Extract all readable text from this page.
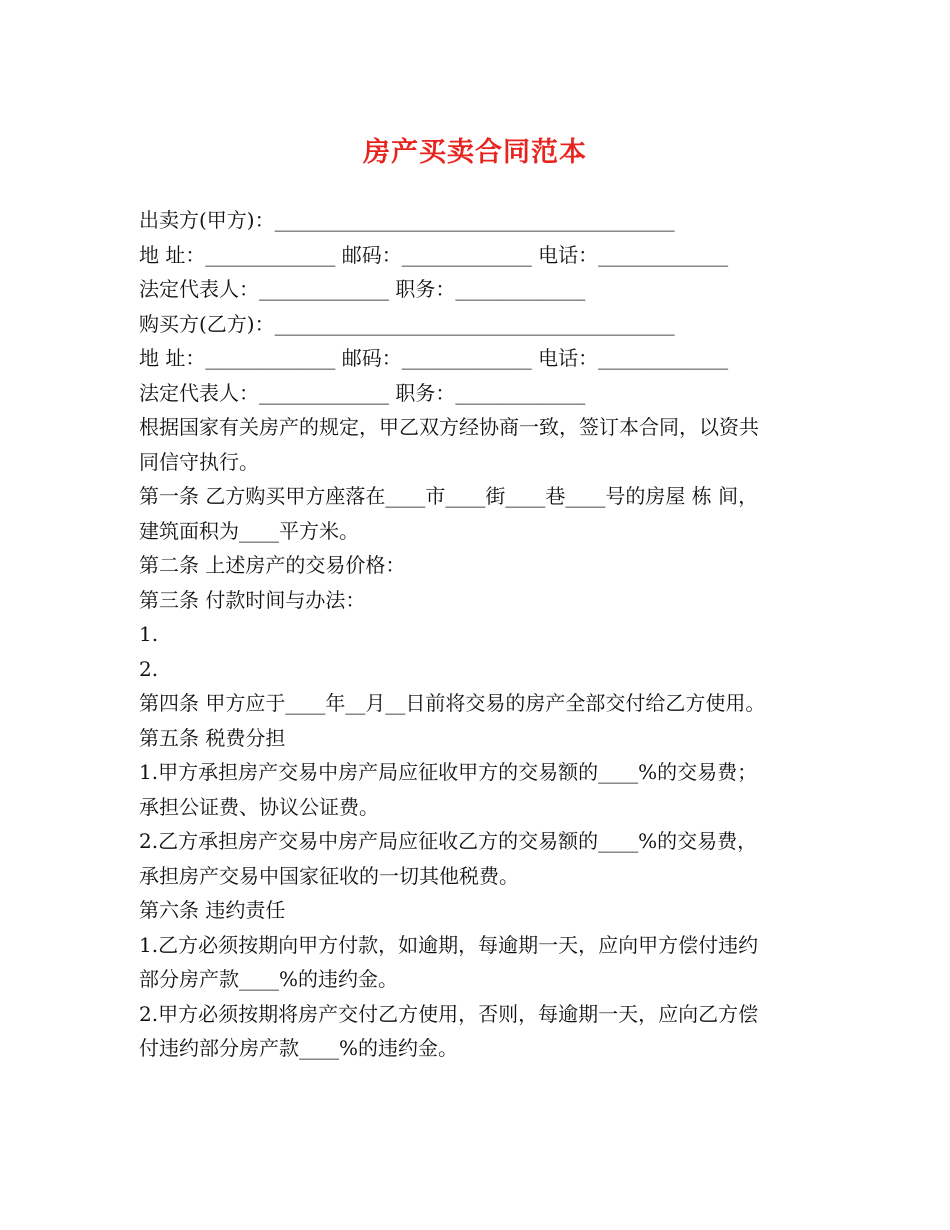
房产买卖合同范本
出卖方(甲方)：________________________________________
地 址：_____________ 邮码：_____________ 电话：_____________
法定代表人：_____________ 职务：_____________
购买方(乙方)：________________________________________
地 址：_____________ 邮码：_____________ 电话：_____________
法定代表人：_____________ 职务：_____________
根据国家有关房产的规定，甲乙双方经协商一致，签订本合同，以资共
同信守执行。
第一条 乙方购买甲方座落在____市____街____巷____号的房屋 栋 间，
建筑面积为____平方米。
第二条 上述房产的交易价格：
第三条 付款时间与办法：
1.
2.
第四条 甲方应于____年__月__日前将交易的房产全部交付给乙方使用。
第五条 税费分担
1.甲方承担房产交易中房产局应征收甲方的交易额的____%的交易费；
承担公证费、协议公证费。
2.乙方承担房产交易中房产局应征收乙方的交易额的____%的交易费，
承担房产交易中国家征收的一切其他税费。
第六条 违约责任
1.乙方必须按期向甲方付款，如逾期，每逾期一天，应向甲方偿付违约
部分房产款____%的违约金。
2.甲方必须按期将房产交付乙方使用，否则，每逾期一天，应向乙方偿
付违约部分房产款____%的违约金。
